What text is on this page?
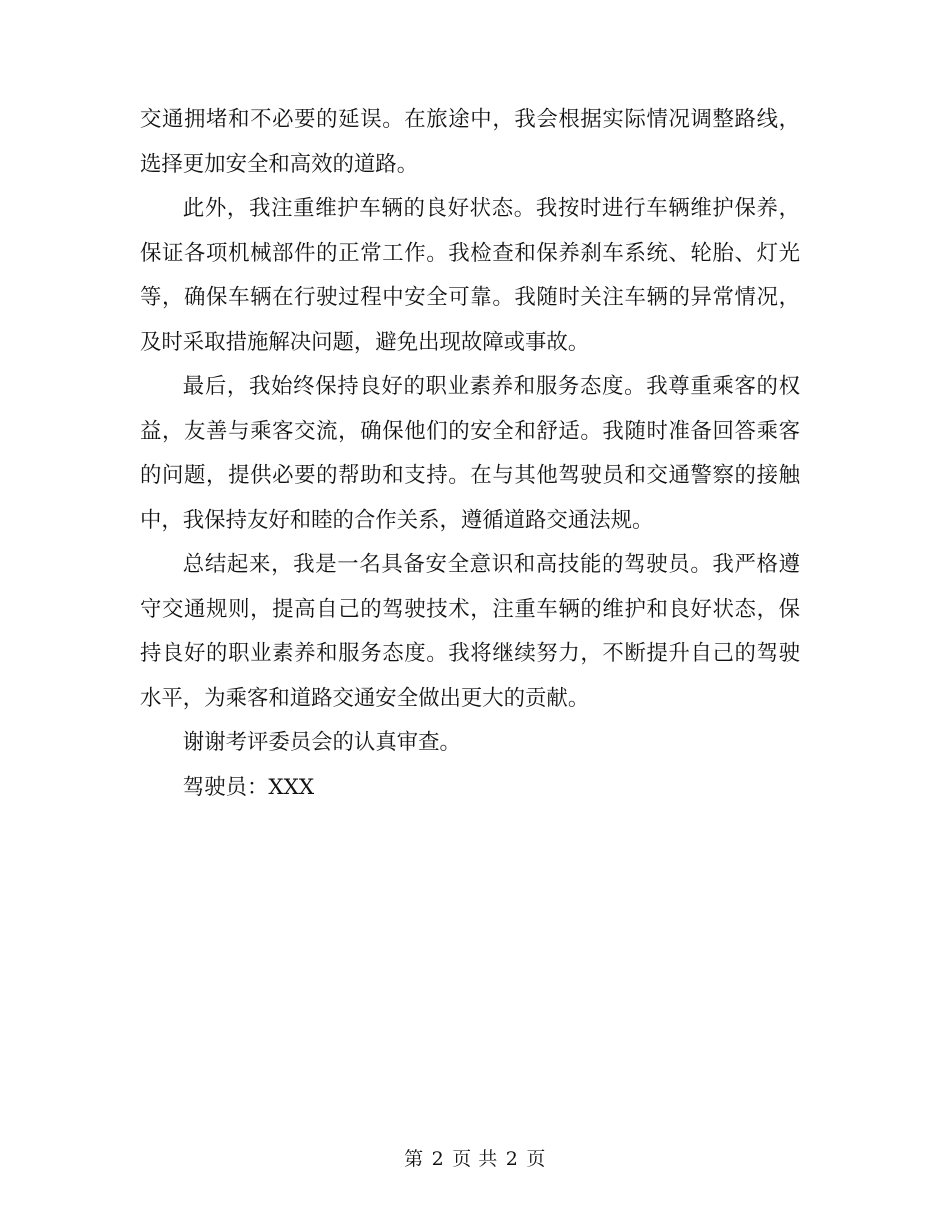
交通拥堵和不必要的延误。在旅途中，我会根据实际情况调整路线，选择更加安全和高效的道路。

此外，我注重维护车辆的良好状态。我按时进行车辆维护保养，保证各项机械部件的正常工作。我检查和保养刹车系统、轮胎、灯光等，确保车辆在行驶过程中安全可靠。我随时关注车辆的异常情况，及时采取措施解决问题，避免出现故障或事故。

最后，我始终保持良好的职业素养和服务态度。我尊重乘客的权益，友善与乘客交流，确保他们的安全和舒适。我随时准备回答乘客的问题，提供必要的帮助和支持。在与其他驾驶员和交通警察的接触中，我保持友好和睦的合作关系，遵循道路交通法规。

总结起来，我是一名具备安全意识和高技能的驾驶员。我严格遵守交通规则，提高自己的驾驶技术，注重车辆的维护和良好状态，保持良好的职业素养和服务态度。我将继续努力，不断提升自己的驾驶水平，为乘客和道路交通安全做出更大的贡献。

谢谢考评委员会的认真审查。

驾驶员：XXX

第 2 页 共 2 页
